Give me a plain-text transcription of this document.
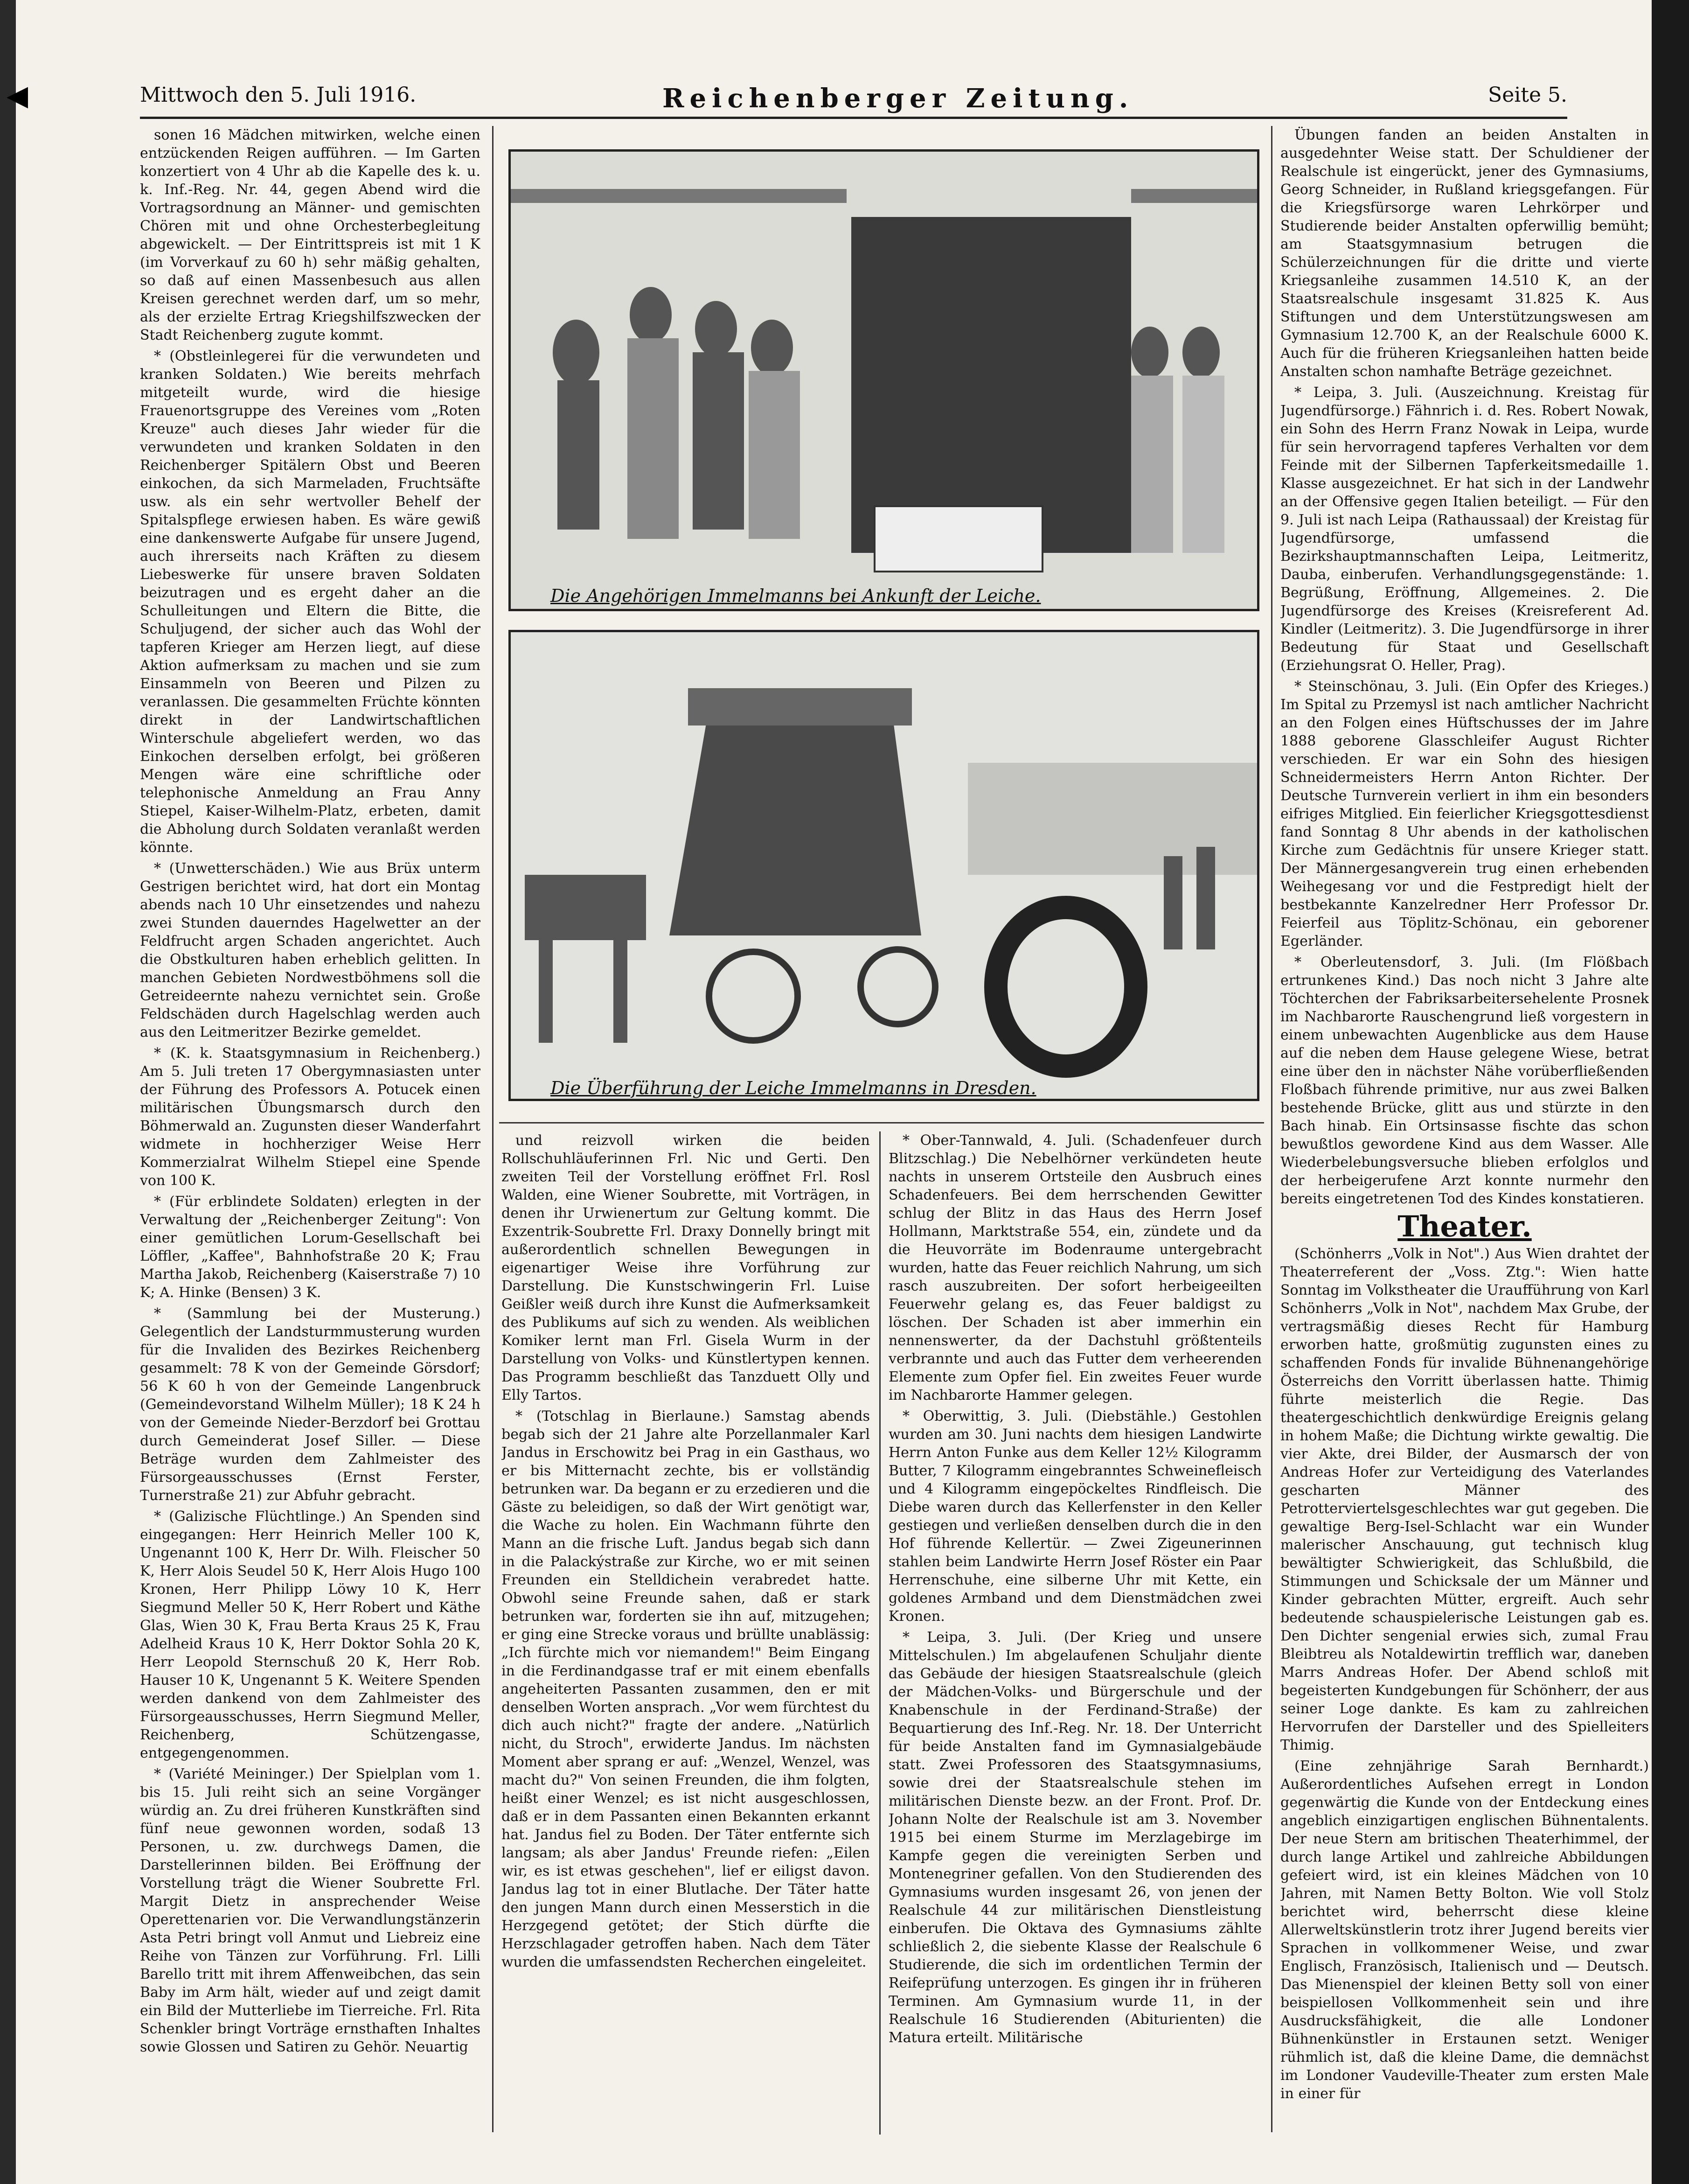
◀	Mittwoch den 5. Juli 1916.	Reichenberger Zeitung.	Seite 5.

sonen 16 Mädchen mitwirken, welche einen entzückenden Reigen aufführen. — Im Garten konzertiert von 4 Uhr ab die Kapelle des k. u. k. Inf.-Reg. Nr. 44, gegen Abend wird die Vortragsordnung an Männer- und gemischten Chören mit und ohne Orchesterbegleitung abgewickelt. — Der Eintrittspreis ist mit 1 K (im Vorverkauf zu 60 h) sehr mäßig gehalten, so daß auf einen Massenbesuch aus allen Kreisen gerechnet werden darf, um so mehr, als der erzielte Ertrag Kriegshilfszwecken der Stadt Reichenberg zugute kommt.

* (Obstleinlegerei für die verwundeten und kranken Soldaten.) Wie bereits mehrfach mitgeteilt wurde, wird die hiesige Frauenortsgruppe des Vereines vom „Roten Kreuze" auch dieses Jahr wieder für die verwundeten und kranken Soldaten in den Reichenberger Spitälern Obst und Beeren einkochen, da sich Marmeladen, Fruchtsäfte usw. als ein sehr wertvoller Behelf der Spitalspflege erwiesen haben. Es wäre gewiß eine dankenswerte Aufgabe für unsere Jugend, auch ihrerseits nach Kräften zu diesem Liebeswerke für unsere braven Soldaten beizutragen und es ergeht daher an die Schulleitungen und Eltern die Bitte, die Schuljugend, der sicher auch das Wohl der tapferen Krieger am Herzen liegt, auf diese Aktion aufmerksam zu machen und sie zum Einsammeln von Beeren und Pilzen zu veranlassen. Die gesammelten Früchte könnten direkt in der Landwirtschaftlichen Winterschule abgeliefert werden, wo das Einkochen derselben erfolgt, bei größeren Mengen wäre eine schriftliche oder telephonische Anmeldung an Frau Anny Stiepel, Kaiser-Wilhelm-Platz, erbeten, damit die Abholung durch Soldaten veranlaßt werden könnte.

* (Unwetterschäden.) Wie aus Brüx unterm Gestrigen berichtet wird, hat dort ein Montag abends nach 10 Uhr einsetzendes und nahezu zwei Stunden dauerndes Hagelwetter an der Feldfrucht argen Schaden angerichtet. Auch die Obstkulturen haben erheblich gelitten. In manchen Gebieten Nordwestböhmens soll die Getreideernte nahezu vernichtet sein. Große Feldschäden durch Hagelschlag werden auch aus den Leitmeritzer Bezirke gemeldet.

* (K. k. Staatsgymnasium in Reichenberg.) Am 5. Juli treten 17 Obergymnasiasten unter der Führung des Professors A. Potucek einen militärischen Übungsmarsch durch den Böhmerwald an. Zugunsten dieser Wanderfahrt widmete in hochherziger Weise Herr Kommerzialrat Wilhelm Stiepel eine Spende von 100 K.

* (Für erblindete Soldaten) erlegten in der Verwaltung der „Reichenberger Zeitung": Von einer gemütlichen Lorum-Gesellschaft bei Löffler, „Kaffee", Bahnhofstraße 20 K; Frau Martha Jakob, Reichenberg (Kaiserstraße 7) 10 K; A. Hinke (Bensen) 3 K.

* (Sammlung bei der Musterung.) Gelegentlich der Landsturmmusterung wurden für die Invaliden des Bezirkes Reichenberg gesammelt: 78 K von der Gemeinde Görsdorf; 56 K 60 h von der Gemeinde Langenbruck (Gemeindevorstand Wilhelm Müller); 18 K 24 h von der Gemeinde Nieder-Berzdorf bei Grottau durch Gemeinderat Josef Siller. — Diese Beträge wurden dem Zahlmeister des Fürsorgeausschusses (Ernst Ferster, Turnerstraße 21) zur Abfuhr gebracht.

* (Galizische Flüchtlinge.) An Spenden sind eingegangen: Herr Heinrich Meller 100 K, Ungenannt 100 K, Herr Dr. Wilh. Fleischer 50 K, Herr Alois Seudel 50 K, Herr Alois Hugo 100 Kronen, Herr Philipp Löwy 10 K, Herr Siegmund Meller 50 K, Herr Robert und Käthe Glas, Wien 30 K, Frau Berta Kraus 25 K, Frau Adelheid Kraus 10 K, Herr Doktor Sohla 20 K, Herr Leopold Sternschuß 20 K, Herr Rob. Hauser 10 K, Ungenannt 5 K. Weitere Spenden werden dankend von dem Zahlmeister des Fürsorgeausschusses, Herrn Siegmund Meller, Reichenberg, Schützengasse, entgegengenommen.

* (Variété Meininger.) Der Spielplan vom 1. bis 15. Juli reiht sich an seine Vorgänger würdig an. Zu drei früheren Kunstkräften sind fünf neue gewonnen worden, sodaß 13 Personen, u. zw. durchwegs Damen, die Darstellerinnen bilden. Bei Eröffnung der Vorstellung trägt die Wiener Soubrette Frl. Margit Dietz in ansprechender Weise Operettenarien vor. Die Verwandlungstänzerin Asta Petri bringt voll Anmut und Liebreiz eine Reihe von Tänzen zur Vorführung. Frl. Lilli Barello tritt mit ihrem Affenweibchen, das sein Baby im Arm hält, wieder auf und zeigt damit ein Bild der Mutterliebe im Tierreiche. Frl. Rita Schenkler bringt Vorträge ernsthaften Inhaltes sowie Glossen und Satiren zu Gehör. Neuartig

Die Angehörigen Immelmanns bei Ankunft der Leiche.
Die Überführung der Leiche Immelmanns in Dresden.

und reizvoll wirken die beiden Rollschuhläuferinnen Frl. Nic und Gerti. Den zweiten Teil der Vorstellung eröffnet Frl. Rosl Walden, eine Wiener Soubrette, mit Vorträgen, in denen ihr Urwienertum zur Geltung kommt. Die Exzentrik-Soubrette Frl. Draxy Donnelly bringt mit außerordentlich schnellen Bewegungen in eigenartiger Weise ihre Vorführung zur Darstellung. Die Kunstschwingerin Frl. Luise Geißler weiß durch ihre Kunst die Aufmerksamkeit des Publikums auf sich zu wenden. Als weiblichen Komiker lernt man Frl. Gisela Wurm in der Darstellung von Volks- und Künstlertypen kennen. Das Programm beschließt das Tanzduett Olly und Elly Tartos.

* (Totschlag in Bierlaune.) Samstag abends begab sich der 21 Jahre alte Porzellanmaler Karl Jandus in Erschowitz bei Prag in ein Gasthaus, wo er bis Mitternacht zechte, bis er vollständig betrunken war. Da begann er zu erzedieren und die Gäste zu beleidigen, so daß der Wirt genötigt war, die Wache zu holen. Ein Wachmann führte den Mann an die frische Luft. Jandus begab sich dann in die Palackýstraße zur Kirche, wo er mit seinen Freunden ein Stelldichein verabredet hatte. Obwohl seine Freunde sahen, daß er stark betrunken war, forderten sie ihn auf, mitzugehen; er ging eine Strecke voraus und brüllte unablässig: „Ich fürchte mich vor niemandem!" Beim Eingang in die Ferdinandgasse traf er mit einem ebenfalls angeheiterten Passanten zusammen, den er mit denselben Worten ansprach. „Vor wem fürchtest du dich auch nicht?" fragte der andere. „Natürlich nicht, du Stroch", erwiderte Jandus. Im nächsten Moment aber sprang er auf: „Wenzel, Wenzel, was macht du?" Von seinen Freunden, die ihm folgten, heißt einer Wenzel; es ist nicht ausgeschlossen, daß er in dem Passanten einen Bekannten erkannt hat. Jandus fiel zu Boden. Der Täter entfernte sich langsam; als aber Jandus' Freunde riefen: „Eilen wir, es ist etwas geschehen", lief er eiligst davon. Jandus lag tot in einer Blutlache. Der Täter hatte den jungen Mann durch einen Messerstich in die Herzgegend getötet; der Stich dürfte die Herzschlagader getroffen haben. Nach dem Täter wurden die umfassendsten Recherchen eingeleitet.

* Ober-Tannwald, 4. Juli. (Schadenfeuer durch Blitzschlag.) Die Nebelhörner verkündeten heute nachts in unserem Ortsteile den Ausbruch eines Schadenfeuers. Bei dem herrschenden Gewitter schlug der Blitz in das Haus des Herrn Josef Hollmann, Marktstraße 554, ein, zündete und da die Heuvorräte im Bodenraume untergebracht wurden, hatte das Feuer reichlich Nahrung, um sich rasch auszubreiten. Der sofort herbeigeeilten Feuerwehr gelang es, das Feuer baldigst zu löschen. Der Schaden ist aber immerhin ein nennenswerter, da der Dachstuhl größtenteils verbrannte und auch das Futter dem verheerenden Elemente zum Opfer fiel. Ein zweites Feuer wurde im Nachbarorte Hammer gelegen.

* Oberwittig, 3. Juli. (Diebstähle.) Gestohlen wurden am 30. Juni nachts dem hiesigen Landwirte Herrn Anton Funke aus dem Keller 12½ Kilogramm Butter, 7 Kilogramm eingebranntes Schweinefleisch und 4 Kilogramm eingepöckeltes Rindfleisch. Die Diebe waren durch das Kellerfenster in den Keller gestiegen und verließen denselben durch die in den Hof führende Kellertür. — Zwei Zigeunerinnen stahlen beim Landwirte Herrn Josef Röster ein Paar Herrenschuhe, eine silberne Uhr mit Kette, ein goldenes Armband und dem Dienstmädchen zwei Kronen.

* Leipa, 3. Juli. (Der Krieg und unsere Mittelschulen.) Im abgelaufenen Schuljahr diente das Gebäude der hiesigen Staatsrealschule (gleich der Mädchen-Volks- und Bürgerschule und der Knabenschule in der Ferdinand-Straße) der Bequartierung des Inf.-Reg. Nr. 18. Der Unterricht für beide Anstalten fand im Gymnasialgebäude statt. Zwei Professoren des Staatsgymnasiums, sowie drei der Staatsrealschule stehen im militärischen Dienste bezw. an der Front. Prof. Dr. Johann Nolte der Realschule ist am 3. November 1915 bei einem Sturme im Merzlagebirge im Kampfe gegen die vereinigten Serben und Montenegriner gefallen. Von den Studierenden des Gymnasiums wurden insgesamt 26, von jenen der Realschule 44 zur militärischen Dienstleistung einberufen. Die Oktava des Gymnasiums zählte schließlich 2, die siebente Klasse der Realschule 6 Studierende, die sich im ordentlichen Termin der Reifeprüfung unterzogen. Es gingen ihr in früheren Terminen. Am Gymnasium wurde 11, in der Realschule 16 Studierenden (Abiturienten) die Matura erteilt. Militärische

Übungen fanden an beiden Anstalten in ausgedehnter Weise statt. Der Schuldiener der Realschule ist eingerückt, jener des Gymnasiums, Georg Schneider, in Rußland kriegsgefangen. Für die Kriegsfürsorge waren Lehrkörper und Studierende beider Anstalten opferwillig bemüht; am Staatsgymnasium betrugen die Schülerzeichnungen für die dritte und vierte Kriegsanleihe zusammen 14.510 K, an der Staatsrealschule insgesamt 31.825 K. Aus Stiftungen und dem Unterstützungswesen am Gymnasium 12.700 K, an der Realschule 6000 K. Auch für die früheren Kriegsanleihen hatten beide Anstalten schon namhafte Beträge gezeichnet.

* Leipa, 3. Juli. (Auszeichnung. Kreistag für Jugendfürsorge.) Fähnrich i. d. Res. Robert Nowak, ein Sohn des Herrn Franz Nowak in Leipa, wurde für sein hervorragend tapferes Verhalten vor dem Feinde mit der Silbernen Tapferkeitsmedaille 1. Klasse ausgezeichnet. Er hat sich in der Landwehr an der Offensive gegen Italien beteiligt. — Für den 9. Juli ist nach Leipa (Rathaussaal) der Kreistag für Jugendfürsorge, umfassend die Bezirkshauptmannschaften Leipa, Leitmeritz, Dauba, einberufen. Verhandlungsgegenstände: 1. Begrüßung, Eröffnung, Allgemeines. 2. Die Jugendfürsorge des Kreises (Kreisreferent Ad. Kindler (Leitmeritz). 3. Die Jugendfürsorge in ihrer Bedeutung für Staat und Gesellschaft (Erziehungsrat O. Heller, Prag).

* Steinschönau, 3. Juli. (Ein Opfer des Krieges.) Im Spital zu Przemysl ist nach amtlicher Nachricht an den Folgen eines Hüftschusses der im Jahre 1888 geborene Glasschleifer August Richter verschieden. Er war ein Sohn des hiesigen Schneidermeisters Herrn Anton Richter. Der Deutsche Turnverein verliert in ihm ein besonders eifriges Mitglied. Ein feierlicher Kriegsgottesdienst fand Sonntag 8 Uhr abends in der katholischen Kirche zum Gedächtnis für unsere Krieger statt. Der Männergesangverein trug einen erhebenden Weihegesang vor und die Festpredigt hielt der bestbekannte Kanzelredner Herr Professor Dr. Feierfeil aus Töplitz-Schönau, ein geborener Egerländer.

* Oberleutensdorf, 3. Juli. (Im Flößbach ertrunkenes Kind.) Das noch nicht 3 Jahre alte Töchterchen der Fabriksarbeitersehelente Prosnek im Nachbarorte Rauschengrund ließ vorgestern in einem unbewachten Augenblicke aus dem Hause auf die neben dem Hause gelegene Wiese, betrat eine über den in nächster Nähe vorüberfließenden Floßbach führende primitive, nur aus zwei Balken bestehende Brücke, glitt aus und stürzte in den Bach hinab. Ein Ortsinsasse fischte das schon bewußtlos gewordene Kind aus dem Wasser. Alle Wiederbelebungsversuche blieben erfolglos und der herbeigerufene Arzt konnte nurmehr den bereits eingetretenen Tod des Kindes konstatieren.

Theater.

(Schönherrs „Volk in Not".) Aus Wien drahtet der Theaterreferent der „Voss. Ztg.": Wien hatte Sonntag im Volkstheater die Uraufführung von Karl Schönherrs „Volk in Not", nachdem Max Grube, der vertragsmäßig dieses Recht für Hamburg erworben hatte, großmütig zugunsten eines zu schaffenden Fonds für invalide Bühnenangehörige Österreichs den Vorritt überlassen hatte. Thimig führte meisterlich die Regie. Das theatergeschichtlich denkwürdige Ereignis gelang in hohem Maße; die Dichtung wirkte gewaltig. Die vier Akte, drei Bilder, der Ausmarsch der von Andreas Hofer zur Verteidigung des Vaterlandes gescharten Männer des Petrotterviertelsgeschlechtes war gut gegeben. Die gewaltige Berg-Isel-Schlacht war ein Wunder malerischer Anschauung, gut technisch klug bewältigter Schwierigkeit, das Schlußbild, die Stimmungen und Schicksale der um Männer und Kinder gebrachten Mütter, ergreift. Auch sehr bedeutende schauspielerische Leistungen gab es. Den Dichter sengenial erwies sich, zumal Frau Bleibtreu als Notaldewirtin trefflich war, daneben Marrs Andreas Hofer. Der Abend schloß mit begeisterten Kundgebungen für Schönherr, der aus seiner Loge dankte. Es kam zu zahlreichen Hervorrufen der Darsteller und des Spielleiters Thimig.

(Eine zehnjährige Sarah Bernhardt.) Außerordentliches Aufsehen erregt in London gegenwärtig die Kunde von der Entdeckung eines angeblich einzigartigen englischen Bühnentalents. Der neue Stern am britischen Theaterhimmel, der durch lange Artikel und zahlreiche Abbildungen gefeiert wird, ist ein kleines Mädchen von 10 Jahren, mit Namen Betty Bolton. Wie voll Stolz berichtet wird, beherrscht diese kleine Allerweltskünstlerin trotz ihrer Jugend bereits vier Sprachen in vollkommener Weise, und zwar Englisch, Französisch, Italienisch und — Deutsch. Das Mienenspiel der kleinen Betty soll von einer beispiellosen Vollkommenheit sein und ihre Ausdrucksfähigkeit, die alle Londoner Bühnenkünstler in Erstaunen setzt. Weniger rühmlich ist, daß die kleine Dame, die demnächst im Londoner Vaudeville-Theater zum ersten Male in einer für
